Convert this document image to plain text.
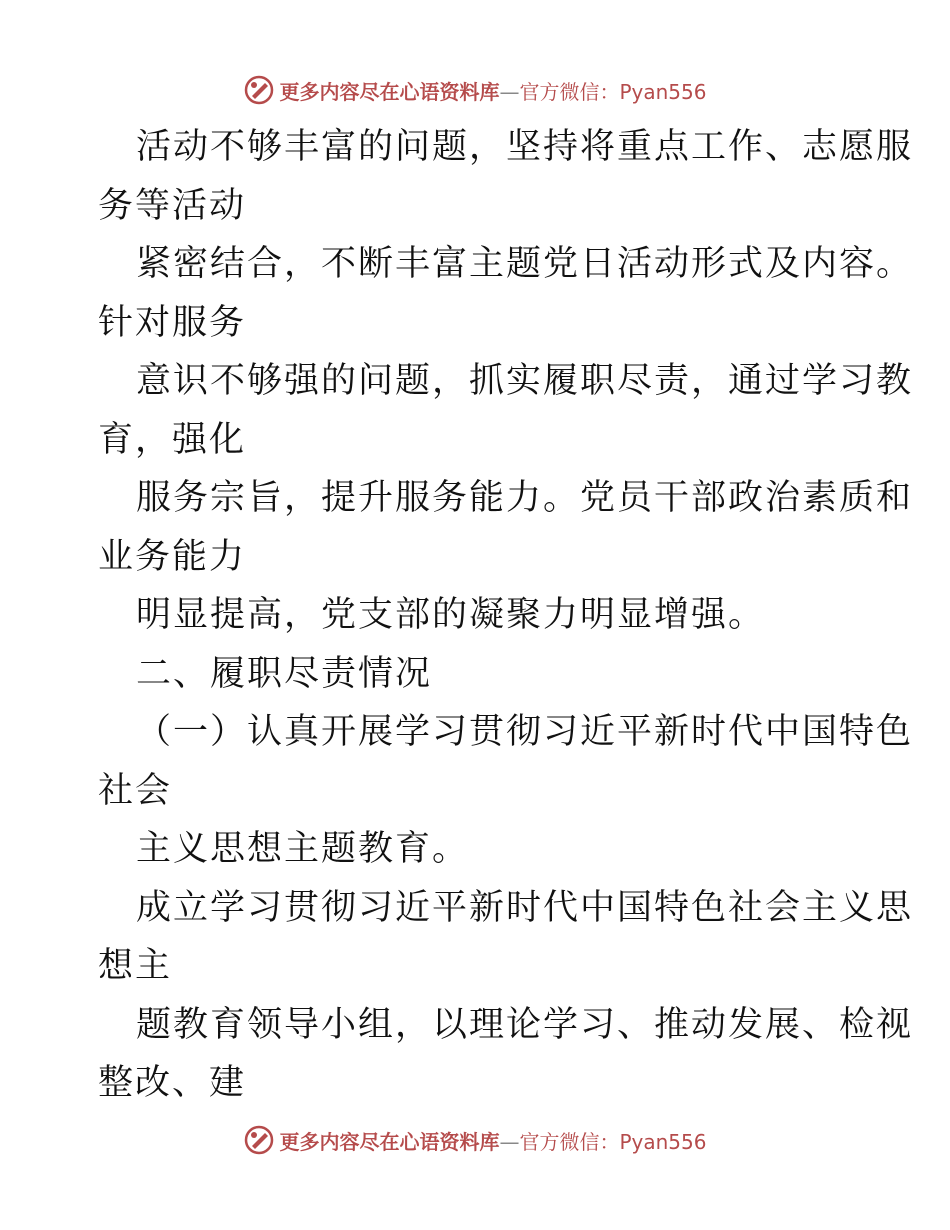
更多内容尽在心语资料库—官方微信：Pyan556
活动不够丰富的问题，坚持将重点工作、志愿服
务等活动
紧密结合，不断丰富主题党日活动形式及内容。
针对服务
意识不够强的问题，抓实履职尽责，通过学习教
育，强化
服务宗旨，提升服务能力。党员干部政治素质和
业务能力
明显提高，党支部的凝聚力明显增强。
二、履职尽责情况
（一）认真开展学习贯彻习近平新时代中国特色
社会
主义思想主题教育。
成立学习贯彻习近平新时代中国特色社会主义思
想主
题教育领导小组，以理论学习、推动发展、检视
整改、建
更多内容尽在心语资料库—官方微信：Pyan556
